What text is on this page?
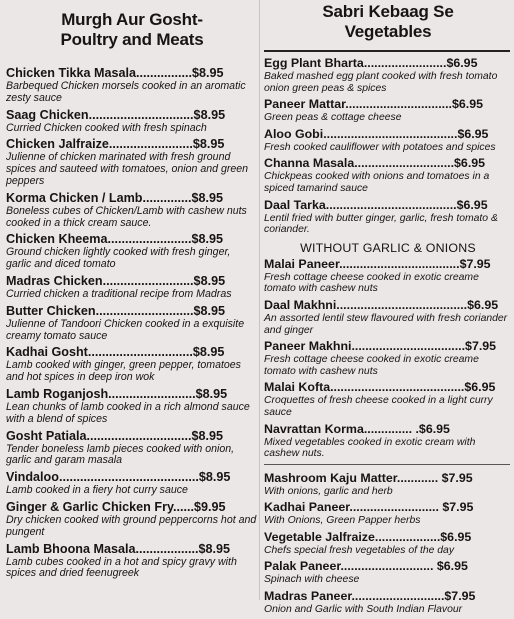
Murgh Aur Gosht-
Poultry and Meats
Chicken Tikka Masala................$8.95
Barbequed Chicken morsels cooked in an aromatic zesty sauce
Saag Chicken..............................$8.95
Curried Chicken cooked with fresh spinach
Chicken Jalfraize........................$8.95
Julienne of chicken marinated with fresh ground spices and sauteed with tomatoes, onion and green peppers
Korma Chicken / Lamb..............$8.95
Boneless cubes of Chicken/Lamb with cashew nuts cooked in a thick cream sauce.
Chicken Kheema........................$8.95
Ground chicken lightly cooked with fresh ginger, garlic and diced tomato
Madras Chicken..........................$8.95
Curried chicken a traditional recipe from Madras
Butter Chicken............................$8.95
Julienne of Tandoori Chicken cooked in a exquisite creamy tomato sauce
Kadhai Gosht..............................$8.95
Lamb cooked with ginger, green pepper, tomatoes and hot spices in deep iron wok
Lamb Roganjosh.........................$8.95
Lean chunks of lamb cooked in a rich almond sauce with a blend of spices
Gosht Patiala..............................$8.95
Tender boneless lamb pieces cooked with onion, garlic and garam masala
Vindaloo........................................$8.95
Lamb cooked in a fiery hot curry sauce
Ginger & Garlic Chicken Fry......$9.95
Dry chicken cooked with ground peppercorns hot and pungent
Lamb Bhoona Masala..................$8.95
Lamb cubes cooked in a hot and spicy gravy with spices and dried feenugreek
Sabri Kebaag Se
Vegetables
Egg Plant Bharta........................$6.95
Baked mashed egg plant cooked with fresh tomato onion green peas & spices
Paneer Mattar...............................$6.95
Green peas & cottage cheese
Aloo Gobi.......................................$6.95
Fresh cooked cauliflower with potatoes and spices
Channa Masala.............................$6.95
Chickpeas cooked with onions and tomatoes in a spiced tamarind sauce
Daal Tarka......................................$6.95
Lentil fried with butter ginger, garlic, fresh tomato & coriander.
WITHOUT GARLIC & ONIONS
Malai Paneer...................................$7.95
Fresh cottage cheese cooked in exotic creame tomato with cashew nuts
Daal Makhni......................................$6.95
An assorted lentil stew flavoured with fresh coriander and ginger
Paneer Makhni.................................$7.95
Fresh cottage cheese cooked in exotic creame tomato with cashew nuts
Malai Kofta.......................................$6.95
Croquettes of fresh cheese cooked in a light curry sauce
Navrattan Korma.............. .$6.95
Mixed vegetables cooked in exotic cream with cashew nuts.
Mashroom Kaju Matter............ $7.95
With onions, garlic and herb
Kadhai Paneer.......................... $7.95
With Onions, Green Papper herbs
Vegetable Jalfraize...................$6.95
Chefs special fresh vegetables of the day
Palak Paneer........................... $6.95
Spinach with cheese
Madras Paneer...........................$7.95
Onion and Garlic with South Indian Flavour
